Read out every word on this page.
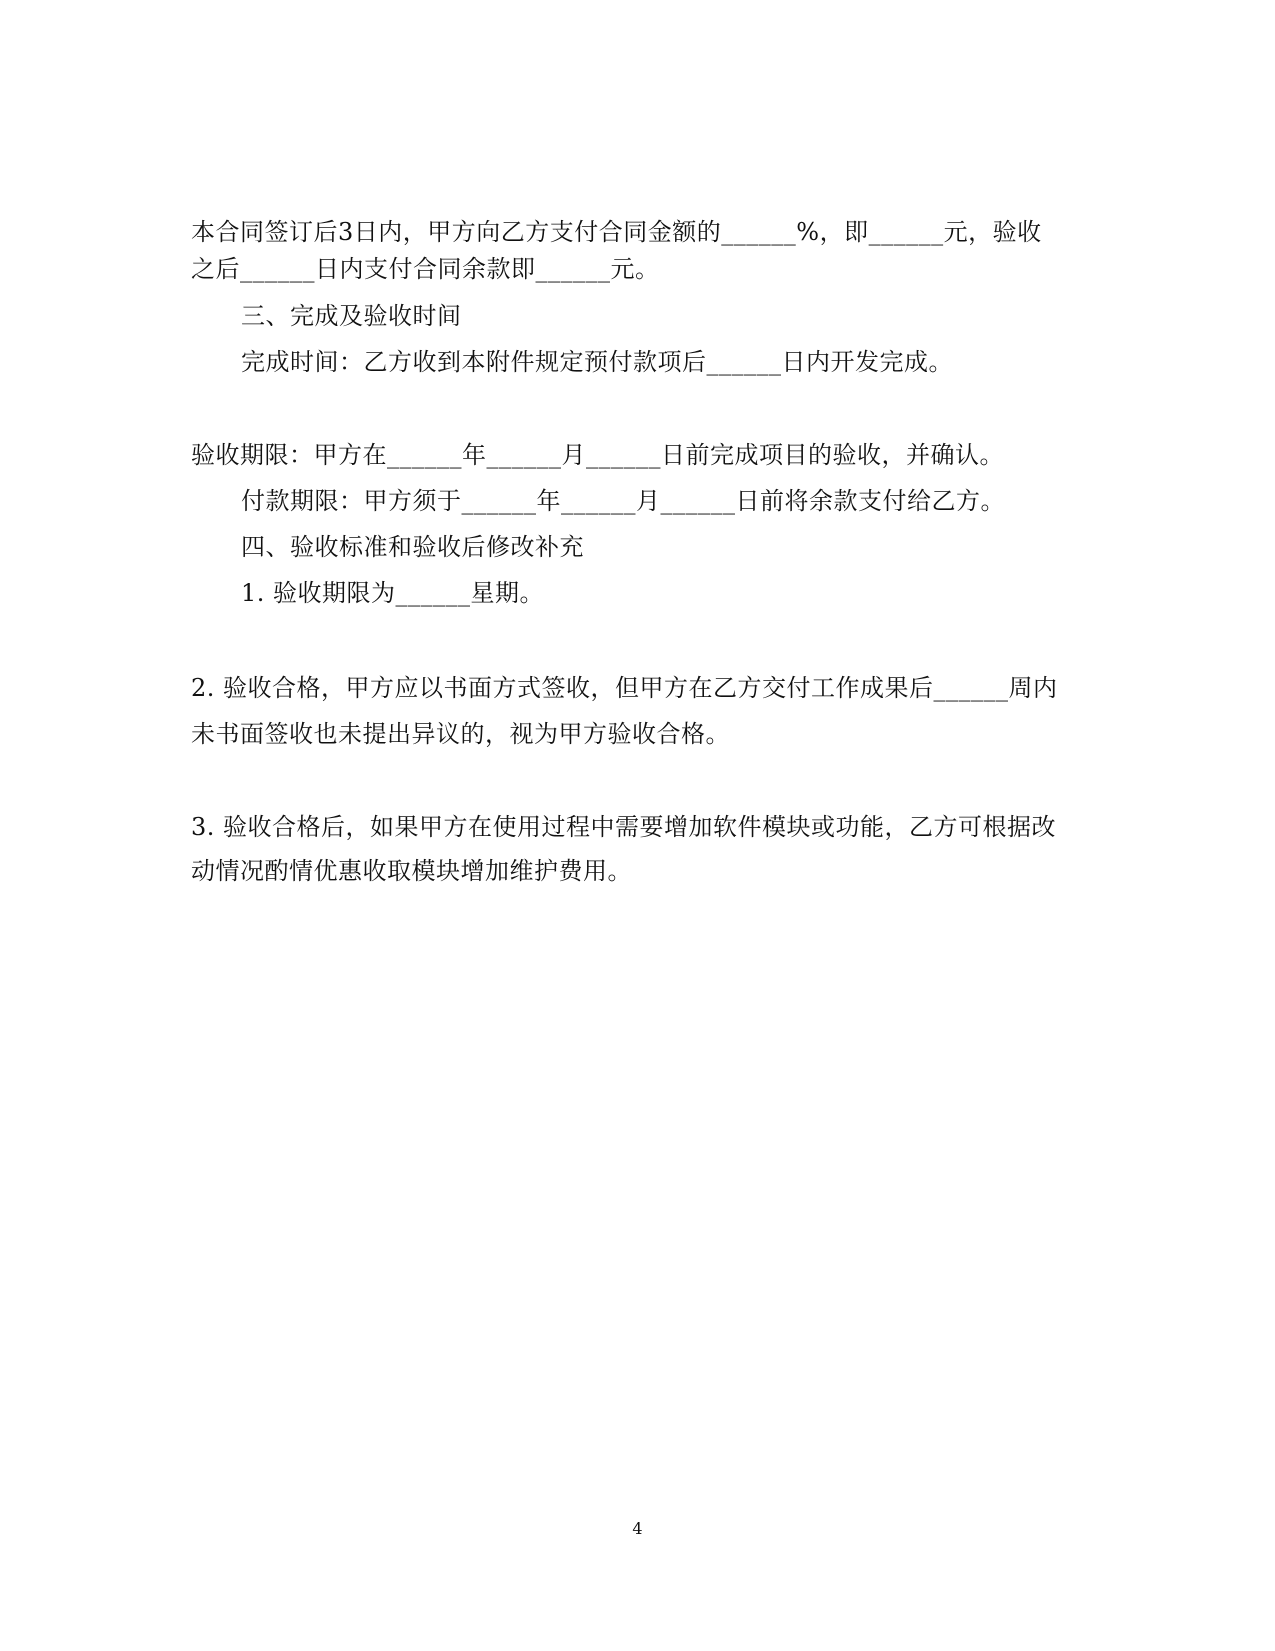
本合同签订后3日内，甲方向乙方支付合同金额的______%，即______元，验收
之后______日内支付合同余款即______元。
三、完成及验收时间
完成时间：乙方收到本附件规定预付款项后______日内开发完成。
验收期限：甲方在______年______月______日前完成项目的验收，并确认。
付款期限：甲方须于______年______月______日前将余款支付给乙方。
四、验收标准和验收后修改补充
1. 验收期限为______星期。
2. 验收合格，甲方应以书面方式签收，但甲方在乙方交付工作成果后______周内
未书面签收也未提出异议的，视为甲方验收合格。
3. 验收合格后，如果甲方在使用过程中需要增加软件模块或功能，乙方可根据改
动情况酌情优惠收取模块增加维护费用。
4
